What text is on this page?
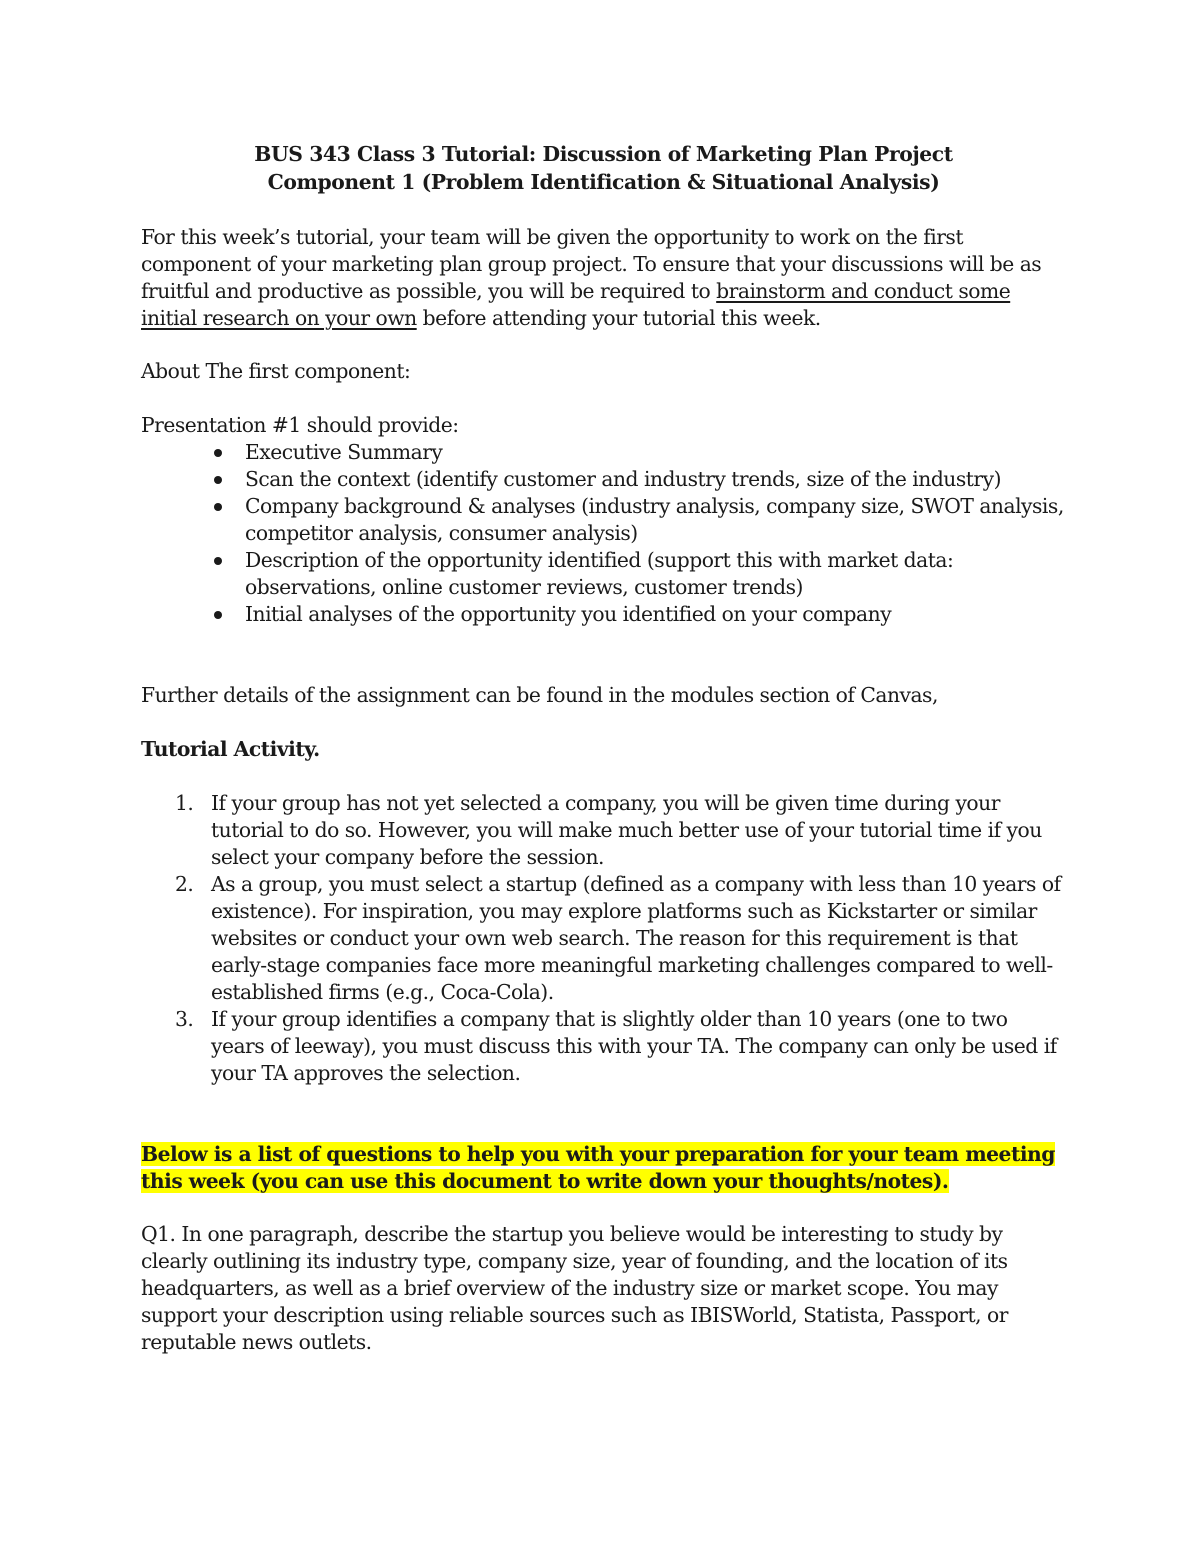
BUS 343 Class 3 Tutorial: Discussion of Marketing Plan Project

Component 1 (Problem Identification & Situational Analysis)

For this week’s tutorial, your team will be given the opportunity to work on the first component of your marketing plan group project. To ensure that your discussions will be as fruitful and productive as possible, you will be required to brainstorm and conduct some initial research on your own before attending your tutorial this week.

About The first component:

Presentation #1 should provide:

Executive Summary
Scan the context (identify customer and industry trends, size of the industry)
Company background & analyses (industry analysis, company size, SWOT analysis, competitor analysis, consumer analysis)
Description of the opportunity identified (support this with market data: observations, online customer reviews, customer trends)
Initial analyses of the opportunity you identified on your company

Further details of the assignment can be found in the modules section of Canvas,

Tutorial Activity.

1. If your group has not yet selected a company, you will be given time during your tutorial to do so. However, you will make much better use of your tutorial time if you select your company before the session.
2. As a group, you must select a startup (defined as a company with less than 10 years of existence). For inspiration, you may explore platforms such as Kickstarter or similar websites or conduct your own web search. The reason for this requirement is that early-stage companies face more meaningful marketing challenges compared to well-established firms (e.g., Coca-Cola).
3. If your group identifies a company that is slightly older than 10 years (one to two years of leeway), you must discuss this with your TA. The company can only be used if your TA approves the selection.

Below is a list of questions to help you with your preparation for your team meeting this week (you can use this document to write down your thoughts/notes).

Q1. In one paragraph, describe the startup you believe would be interesting to study by clearly outlining its industry type, company size, year of founding, and the location of its headquarters, as well as a brief overview of the industry size or market scope. You may support your description using reliable sources such as IBISWorld, Statista, Passport, or reputable news outlets.
